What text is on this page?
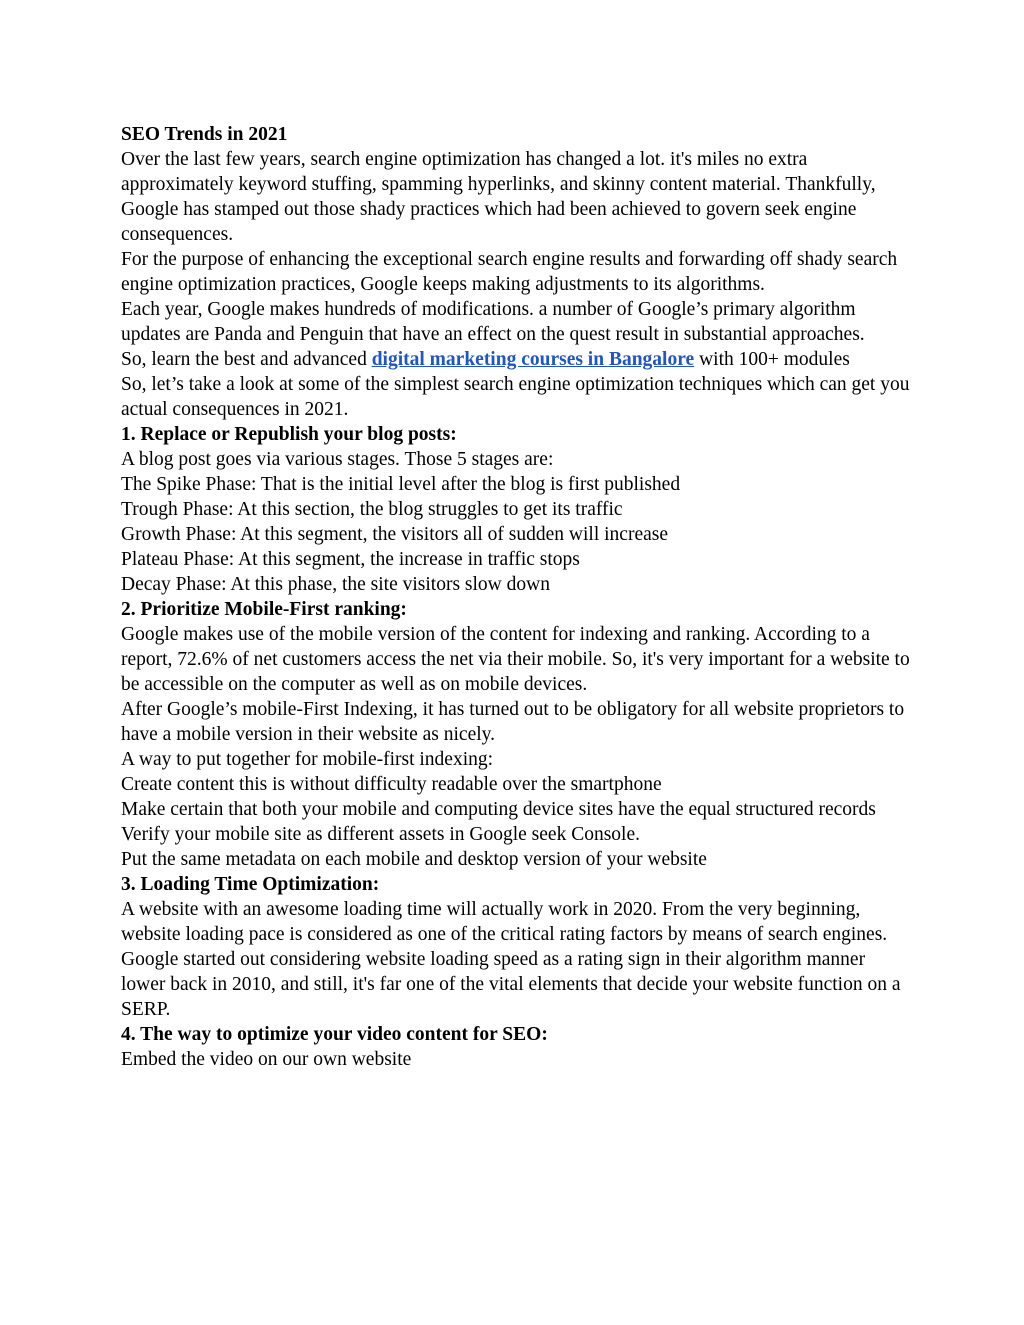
SEO Trends in 2021

Over the last few years, search engine optimization has changed a lot. it's miles no extra approximately keyword stuffing, spamming hyperlinks, and skinny content material. Thankfully, Google has stamped out those shady practices which had been achieved to govern seek engine consequences.

For the purpose of enhancing the exceptional search engine results and forwarding off shady search engine optimization practices, Google keeps making adjustments to its algorithms.

Each year, Google makes hundreds of modifications. a number of Google’s primary algorithm updates are Panda and Penguin that have an effect on the quest result in substantial approaches.

So, learn the best and advanced digital marketing courses in Bangalore with 100+ modules

So, let’s take a look at some of the simplest search engine optimization techniques which can get you actual consequences in 2021.

1. Replace or Republish your blog posts:

A blog post goes via various stages. Those 5 stages are:

The Spike Phase: That is the initial level after the blog is first published

Trough Phase: At this section, the blog struggles to get its traffic

Growth Phase: At this segment, the visitors all of sudden will increase

Plateau Phase: At this segment, the increase in traffic stops

Decay Phase: At this phase, the site visitors slow down

2. Prioritize Mobile-First ranking:

Google makes use of the mobile version of the content for indexing and ranking. According to a report, 72.6% of net customers access the net via their mobile. So, it's very important for a website to be accessible on the computer as well as on mobile devices.

After Google’s mobile-First Indexing, it has turned out to be obligatory for all website proprietors to have a mobile version in their website as nicely.

A way to put together for mobile-first indexing:

Create content this is without difficulty readable over the smartphone

Make certain that both your mobile and computing device sites have the equal structured records

Verify your mobile site as different assets in Google seek Console.

Put the same metadata on each mobile and desktop version of your website

3. Loading Time Optimization:

A website with an awesome loading time will actually work in 2020. From the very beginning, website loading pace is considered as one of the critical rating factors by means of search engines. Google started out considering website loading speed as a rating sign in their algorithm manner lower back in 2010, and still, it's far one of the vital elements that decide your website function on a SERP.

4. The way to optimize your video content for SEO:

Embed the video on our own website
